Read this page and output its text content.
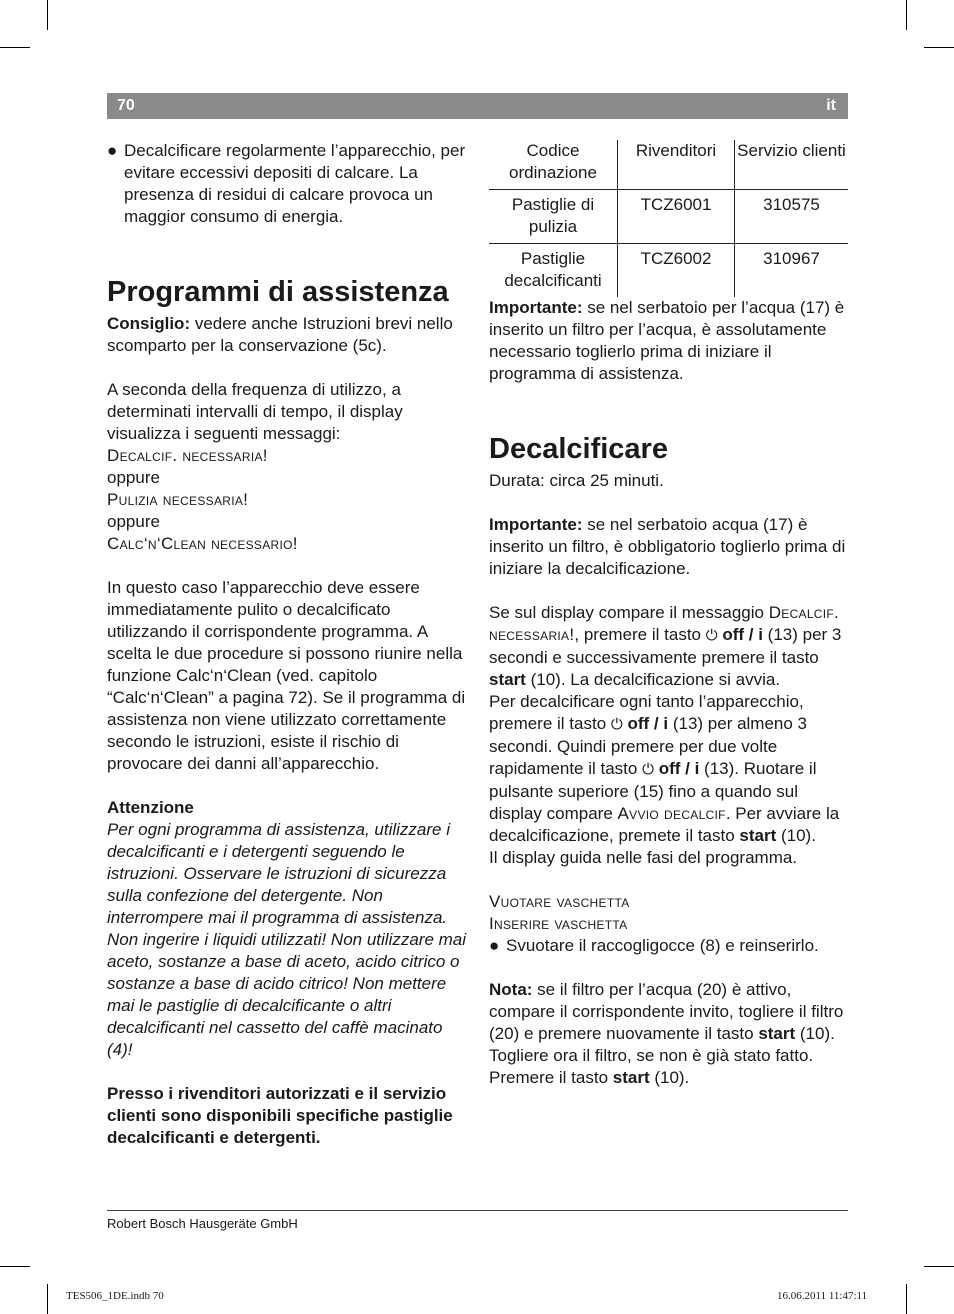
70	it
● Decalcificare regolarmente l’apparecchio, per evitare eccessivi depositi di calcare. La presenza di residui di calcare provoca un maggior consumo di energia.
Programmi di assistenza

Consiglio: vedere anche Istruzioni brevi nello scomparto per la conservazione (5c).

A seconda della frequenza di utilizzo, a determinati intervalli di tempo, il display visualizza i seguenti messaggi:

Decalcif. necessaria!

oppure

Pulizia necessaria!

oppure

Calc‘n‘Clean necessario!

In questo caso l’apparecchio deve essere immediatamente pulito o decalcificato utilizzando il corrispondente programma. A scelta le due procedure si possono riunire nella funzione Calc‘n‘Clean (ved. capitolo “Calc‘n‘Clean” a pagina 72). Se il programma di assistenza non viene utilizzato correttamente secondo le istruzioni, esiste il rischio di provocare dei danni all’apparecchio.

Attenzione

Per ogni programma di assistenza, utilizzare i decalcificanti e i detergenti seguendo le istruzioni. Osservare le istruzioni di sicurezza sulla confezione del detergente. Non interrompere mai il programma di assistenza. Non ingerire i liquidi utilizzati! Non utilizzare mai aceto, sostanze a base di aceto, acido citrico o sostanze a base di acido citrico! Non mettere mai le pastiglie di decalcificante o altri decalcificanti nel cassetto del caffè macinato (4)!

Presso i rivenditori autorizzati e il servizio clienti sono disponibili specifiche pastiglie decalcificanti e detergenti.

Codice ordinazione	Rivenditori	Servizio clienti
Pastiglie di pulizia	TCZ6001	310575
Pastiglie decalcificanti	TCZ6002	310967

Importante: se nel serbatoio per l’acqua (17) è inserito un filtro per l’acqua, è assolutamente necessario toglierlo prima di iniziare il programma di assistenza.

Decalcificare

Durata: circa 25 minuti.

Importante: se nel serbatoio acqua (17) è inserito un filtro, è obbligatorio toglierlo prima di iniziare la decalcificazione.

Se sul display compare il messaggio Decalcif. necessaria!, premere il tasto ⏻ off / i (13) per 3 secondi e successivamente premere il tasto start (10). La decalcificazione si avvia.

Per decalcificare ogni tanto l’apparecchio, premere il tasto ⏻ off / i (13) per almeno 3 secondi. Quindi premere per due volte rapidamente il tasto ⏻ off / i (13). Ruotare il pulsante superiore (15) fino a quando sul display compare Avvio decalcif. Per avviare la decalcificazione, premete il tasto start (10).

Il display guida nelle fasi del programma.

Vuotare vaschetta

Inserire vaschetta

● Svuotare il raccogligocce (8) e reinserirlo.

Nota: se il filtro per l’acqua (20) è attivo, compare il corrispondente invito, togliere il filtro (20) e premere nuovamente il tasto start (10). Togliere ora il filtro, se non è già stato fatto. Premere il tasto start (10).

Robert Bosch Hausgeräte GmbH
TES506_1DE.indb 70	16.06.2011 11:47:11
